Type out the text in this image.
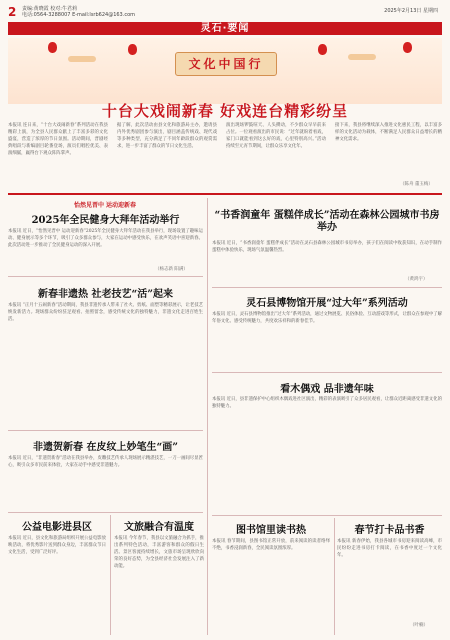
2 责编:黄晓霞 校对:牛君莉
电话:0564-3288007 E-mail:lsrb624@163.com
2025年2月13日 星期四
灵石·要闻
文化中国行
十台大戏闹新春 好戏连台精彩纷呈
本报讯 连日来，“十台大戏闹新春”系列活动在我县精彩上演，为全县人民群众献上了丰富多彩的文化盛宴，营造了浓厚的节日氛围。活动期间，晋剧经典唱段与新编剧目轮番登场，演员们唱腔优美、表演细腻，赢得台下观众阵阵掌声。
据了解，此次活动由县文化和旅游局主办，邀请县内外优秀剧团参与演出，剧目涵盖传统戏、现代戏等多种类型，充分满足了不同年龄段群众的观赏需求，进一步丰富了群众的节日文化生活。
演出现场锣鼓喧天、人头攒动，不少群众早早前来占位。一位观看演出的市民说：“过年就盼着看戏，家门口就能看到这么好的戏，心里特别高兴。”活动持续至元宵节期间，让群众乐享文化年。
接下来，我县将继续深入推进文化惠民工程，以丰富多样的文化活动为载体，不断满足人民群众日益增长的精神文化需求。
（陈舟 董玉梅）
怡然见晋中 运动迎新春
2025年全民健身大拜年活动举行
本报讯 近日，“怡然见晋中 运动迎新春”2025年全民健身大拜年活动在我县举行，现场设置了趣味运动、健身展示等多个环节，吸引了众多群众参与，大家在运动中感受快乐，在欢声笑语中喜迎新春。此次活动进一步推动了全民健身运动的深入开展。
（杨志新 阳满）
新春非遗热 社老技艺“活”起来
本报讯 “正月十五闹新春”活动期间，我县非遗传承人带来了社火、剪纸、面塑等精彩展示，让老技艺焕发新活力。现场群众纷纷驻足观看、拍照留念，感受传统文化的独特魅力，非遗文化走进百姓生活。
非遗贺新春 在皮纹上妙笔生“画”
本报讯 近日，“非遗贺新春”活动在我县举办，皮雕技艺传承人现场展示精湛技艺，一刀一画间尽显匠心，吸引众多市民前来体验，大家在动手中感受非遗魅力。
公益电影进县区
本报讯 近日，县文化和旅游局组织开展公益电影放映活动，将优秀影片送到群众身边，丰富群众节日文化生活，受到广泛好评。
文旅融合有温度
本报讯 今年春节，我县以文旅融合为抓手，推出系列特色活动，丰富游客和群众的假日生活。景区客流持续增长，文旅市场呈现欣欣向荣的良好态势，为全县经济社会发展注入了新动能。
“书香润童年 蛋糕伴成长”活动在森林公园城市书房举办
本报讯 近日，“书香润童年 蛋糕伴成长”活动在灵石县森林公园城市书房举办，孩子们在阅读中收获知识，在动手制作蛋糕中体验快乐，现场气氛温馨热烈。
（黄鸿宇）
灵石县博物馆开展“过大年”系列活动
本报讯 近日，灵石县博物馆推出“过大年”系列活动，通过文物展览、民俗体验、互动游戏等形式，让群众在参观中了解年俗文化、感受传统魅力，共度欢乐祥和的新春佳节。
看木偶戏 品非遗年味
本报讯 近日，县非遗保护中心组织木偶戏进社区演出，精彩的表演吸引了众多居民观看，让群众近距离感受非遗文化的独特魅力。
图书馆里读书热
本报讯 春节期间，县图书馆正常开放，前来阅读的读者络绎不绝，书香浸润新春，全民阅读氛围浓厚。
春节打卡品书香
本报讯 新春伊始，我县各城市书房迎来阅读高峰，市民纷纷走进书房打卡阅读，在书香中度过一个文化年。
（叶楠）
